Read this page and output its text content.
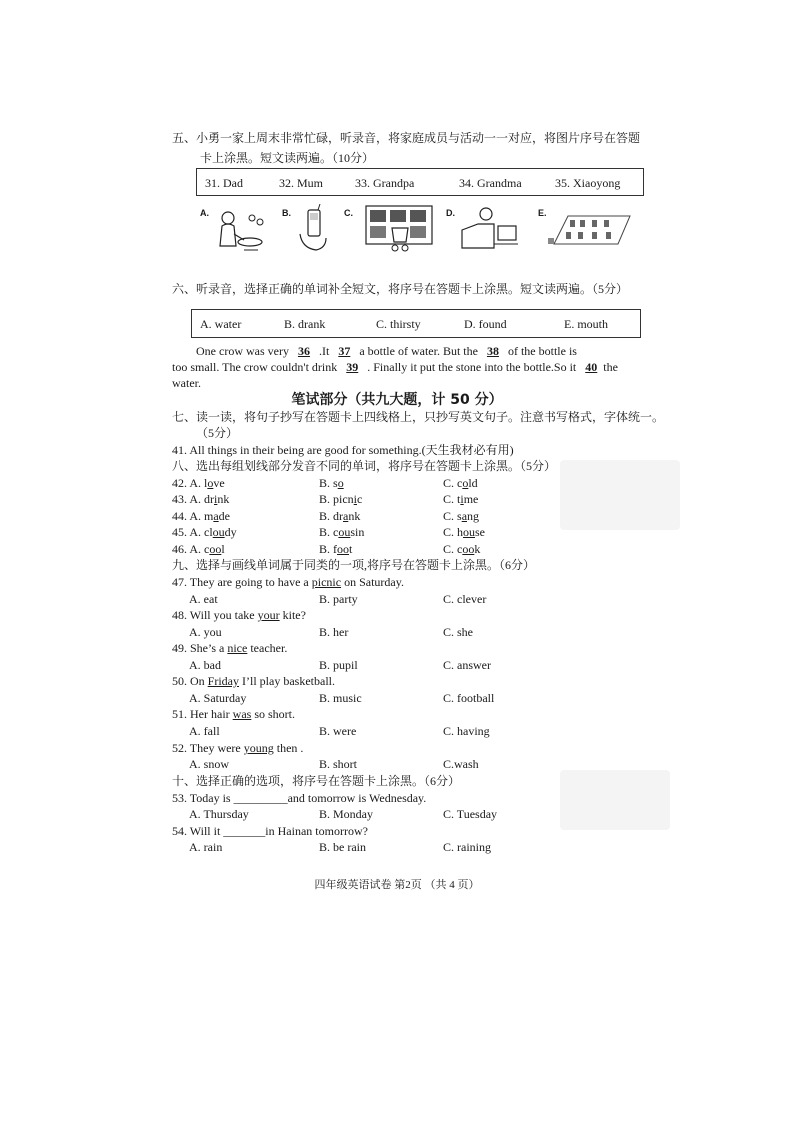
五、小勇一家上周末非常忙碌，听录音，将家庭成员与活动一一对应，将图片序号在答题
卡上涂黑。短文读两遍。（10分）
31. Dad	32. Mum	33. Grandpa	34. Grandma	35. Xiaoyong
A.	B.	C.	D.	E.
六、听录音，选择正确的单词补全短文，将序号在答题卡上涂黑。短文读两遍。（5分）
A. water	B. drank	C. thirsty	D. found	E. mouth
One crow was very 36 .It 37 a bottle of water. But the 38 of the bottle is
too small. The crow couldn't drink 39 . Finally it put the stone into the bottle.So it 40 the
water.
笔试部分（共九大题，计 50 分）
七、读一读，将句子抄写在答题卡上四线格上，只抄写英文句子。注意书写格式，字体统一。
（5分）
41. All things in their being are good for something.(天生我材必有用)
八、选出每组划线部分发音不同的单词，将序号在答题卡上涂黑。（5分）
42. A. love	B. so	C. cold
43. A. drink	B. picnic	C. time
44. A. made	B. drank	C. sang
45. A. cloudy	B. cousin	C. house
46. A. cool	B. foot	C. cook
九、选择与画线单词属于同类的一项,将序号在答题卡上涂黑。（6分）
47. They are going to have a picnic on Saturday.
A. eat	B. party	C. clever
48. Will you take your kite?
A. you	B. her	C. she
49. She’s a nice teacher.
A. bad	B. pupil	C. answer
50. On Friday I’ll play basketball.
A. Saturday	B. music	C. football
51. Her hair was so short.
A. fall	B. were	C. having
52. They were young then .
A. snow	B. short	C.wash
十、选择正确的选项，将序号在答题卡上涂黑。（6分）
53. Today is _________and tomorrow is Wednesday.
A. Thursday	B. Monday	C. Tuesday
54. Will it _______in Hainan tomorrow?
A. rain	B. be rain	C. raining
四年级英语试卷 第2页 （共 4 页）
